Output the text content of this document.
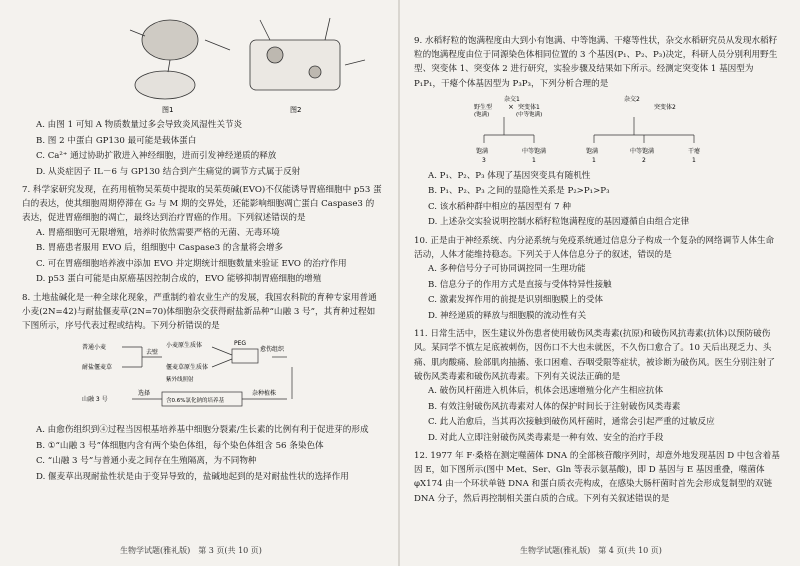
图1	图2

A. 由图 1 可知 A 物质数量过多会导致炎风湿性关节炎

B. 图 2 中蛋白 GP130 最可能是载体蛋白

C. Ca²⁺ 通过协助扩散进入神经细胞，进而引发神经递质的释放

D. 从炎症因子 IL－6 与 GP130 结合到产生痛觉的调节方式属于反射

7. 科学家研究发现，在药用植物吴茱萸中提取的吴茱萸碱(EVO)不仅能诱导胃癌细胞中 p53 蛋白的表达，使其细胞周期停滞在 G₂ 与 M 期的交界处，还能影响细胞凋亡蛋白 Caspase3 的表达，促进胃癌细胞的凋亡，最终达到治疗胃癌的作用。下列叙述错误的是

A. 胃癌细胞可无限增殖，培养时依然需要严格的无菌、无毒环境

B. 胃癌患者服用 EVO 后，组细胞中 Caspase3 的含量将会增多

C. 可在胃癌细胞培养液中添加 EVO 并定期统计细胞数量来验证 EVO 的治疗作用

D. p53 蛋白可能是由原癌基因控制合成的，EVO 能够抑制胃癌细胞的增殖

8. 土地盐碱化是一种全球化现象，严重制约着农业生产的发展，我国农科院的育种专家用普通小麦(2N=42)与耐盐偃麦草(2N=70)体细胞杂交获得耐盐新品种“山融 3 号”，其育种过程如下图所示，序号代表过程或结构。下列分析错误的是

普通小麦
耐盐偃麦草
去壁
小麦原生质体
偃麦草原生质体
紫外线照射
PEG
愈伤组织
山融 3 号
选择
含0.6%氯化钠的培养基
杂种植株

A. 由愈伤组织到④过程当因根基培养基中细胞分裂素/生长素的比例有利于促进芽的形成

B. ①“山融 3 号”体细胞内含有两个染色体组，每个染色体组含 56 条染色体

C. “山融 3 号”与普通小麦之间存在生殖隔离，为不同物种

D. 偃麦草出现耐盐性状是由于变异导致的，盐碱地起到的是对耐盐性状的选择作用

生物学试题(雅礼版)　第 3 页(共 10 页)

9. 水稻籽粒的饱满程度由大到小有饱满、中等饱满、干瘪等性状，杂交水稻研究员从发现水稻籽粒的饱满程度由位于同源染色体相同位置的 3 个基因(P₁、P₂、P₃)决定，科研人员分别利用野生型、突变体 1、突变体 2 进行研究，实验步骤及结果如下所示。经测定突变体 1 基因型为 P₁P₁，干瘪个体基因型为 P₃P₃，下列分析合理的是

杂交1	杂交2
野生型
(饱满)
× 突变体1
(中等饱满)
突变体2
饱满	中等饱满	饱满	中等饱满	干瘪
3	1	1	2	1

A. P₁、P₂、P₃ 体现了基因突变具有随机性

B. P₁、P₂、P₃ 之间的显隐性关系是 P₂>P₁>P₃

C. 该水稻种群中相应的基因型有 7 种

D. 上述杂交实验说明控制水稻籽粒饱满程度的基因遵循自由组合定律

10. 正是由于神经系统、内分泌系统与免疫系统通过信息分子构成一个复杂的网络调节人体生命活动，人体才能维持稳态。下列关于人体信息分子的叙述，错误的是

A. 多种信号分子可协同调控同一生理功能

B. 信息分子的作用方式是直接与受体特异性接触

C. 激素发挥作用的前提是识别细胞膜上的受体

D. 神经递质的释放与细胞膜的流动性有关

11. 日常生活中，医生建议外伤患者使用破伤风类毒素(抗原)和破伤风抗毒素(抗体)以预防破伤风。某同学不慎左足底被刺伤，因伤口不大也未就医，不久伤口愈合了。10 天后出现乏力、头痛、肌肉酸痛、脸部肌肉抽搐、张口困难、吞咽受限等症状，被诊断为破伤风。医生分别注射了破伤风类毒素和破伤风抗毒素。下列有关说法正确的是

A. 破伤风杆菌进入机体后，机体会迅速增殖分化产生相应抗体

B. 有效注射破伤风抗毒素对人体的保护时间长于注射破伤风类毒素

C. 此人治愈后，当其再次接触到破伤风杆菌时，通常会引起严重的过敏反应

D. 对此人立即注射破伤风类毒素是一种有效、安全的治疗手段

12. 1977 年 F·桑格在测定噬菌体 DNA 的全部核苷酸序列时，却意外地发现基因 D 中包含着基因 E，如下图所示(图中 Met、Ser、Gln 等表示氨基酸)，即 D 基因与 E 基因重叠，噬菌体 φX174 由一个环状单链 DNA 和蛋白质衣壳构成，在感染大肠杆菌时首先会形成复制型的双链 DNA 分子，然后再控制相关蛋白质的合成。下列有关叙述错误的是

生物学试题(雅礼版)　第 4 页(共 10 页)
